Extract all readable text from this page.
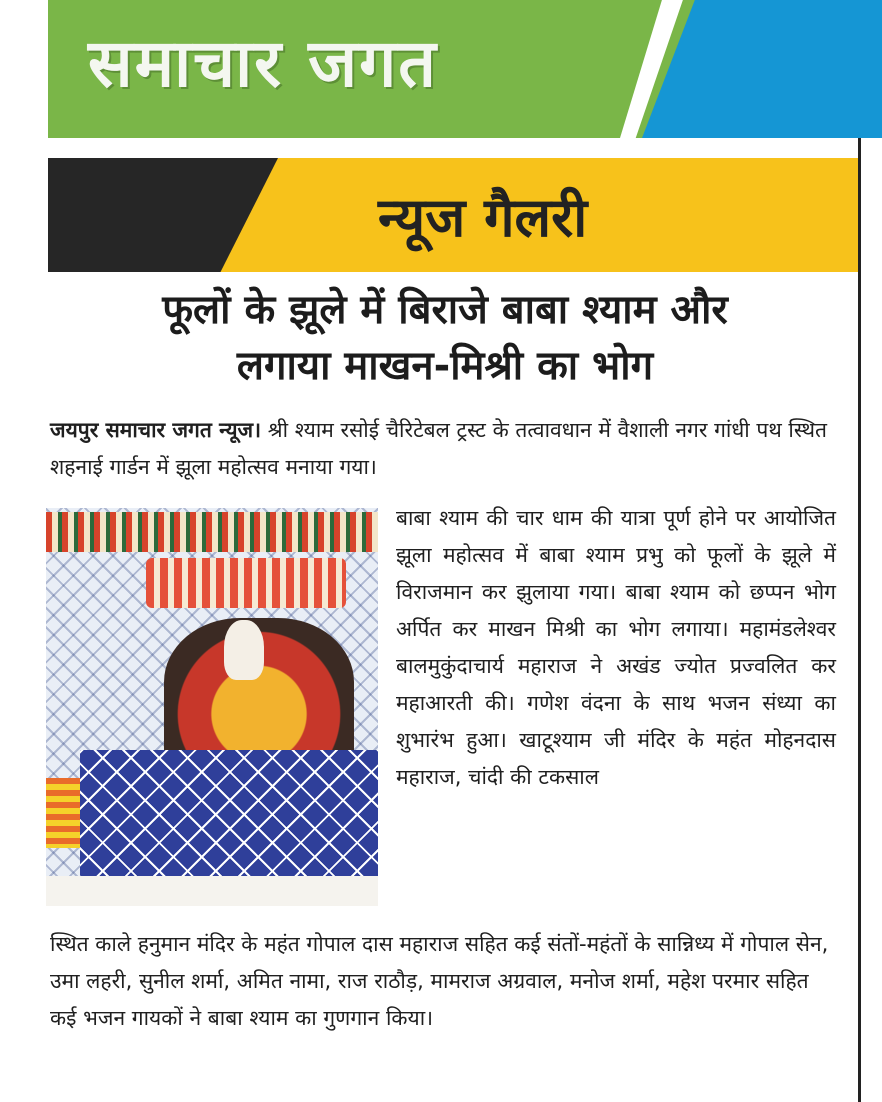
समाचार जगत
न्यूज गैलरी
फूलों के झूले में बिराजे बाबा श्याम और
लगाया माखन-मिश्री का भोग
जयपुर समाचार जगत न्यूज। श्री श्याम रसोई चैरिटेबल ट्रस्ट के तत्वावधान में वैशाली नगर गांधी पथ स्थित शहनाई गार्डन में झूला महोत्सव मनाया गया।
बाबा श्याम की चार धाम की यात्रा पूर्ण होने पर आयोजित झूला महोत्सव में बाबा श्याम प्रभु को फूलों के झूले में विराजमान कर झुलाया गया। बाबा श्याम को छप्पन भोग अर्पित कर माखन मिश्री का भोग लगाया। महामंडलेश्वर बालमुकुंदाचार्य महाराज ने अखंड ज्योत प्रज्वलित कर महाआरती की। गणेश वंदना के साथ भजन संध्या का शुभारंभ हुआ। खाटूश्याम जी मंदिर के महंत मोहनदास महाराज, चांदी की टकसाल
स्थित काले हनुमान मंदिर के महंत गोपाल दास महाराज सहित कई संतों-महंतों के सान्निध्य में गोपाल सेन, उमा लहरी, सुनील शर्मा, अमित नामा, राज राठौड़, मामराज अग्रवाल, मनोज शर्मा, महेश परमार सहित कई भजन गायकों ने बाबा श्याम का गुणगान किया।
